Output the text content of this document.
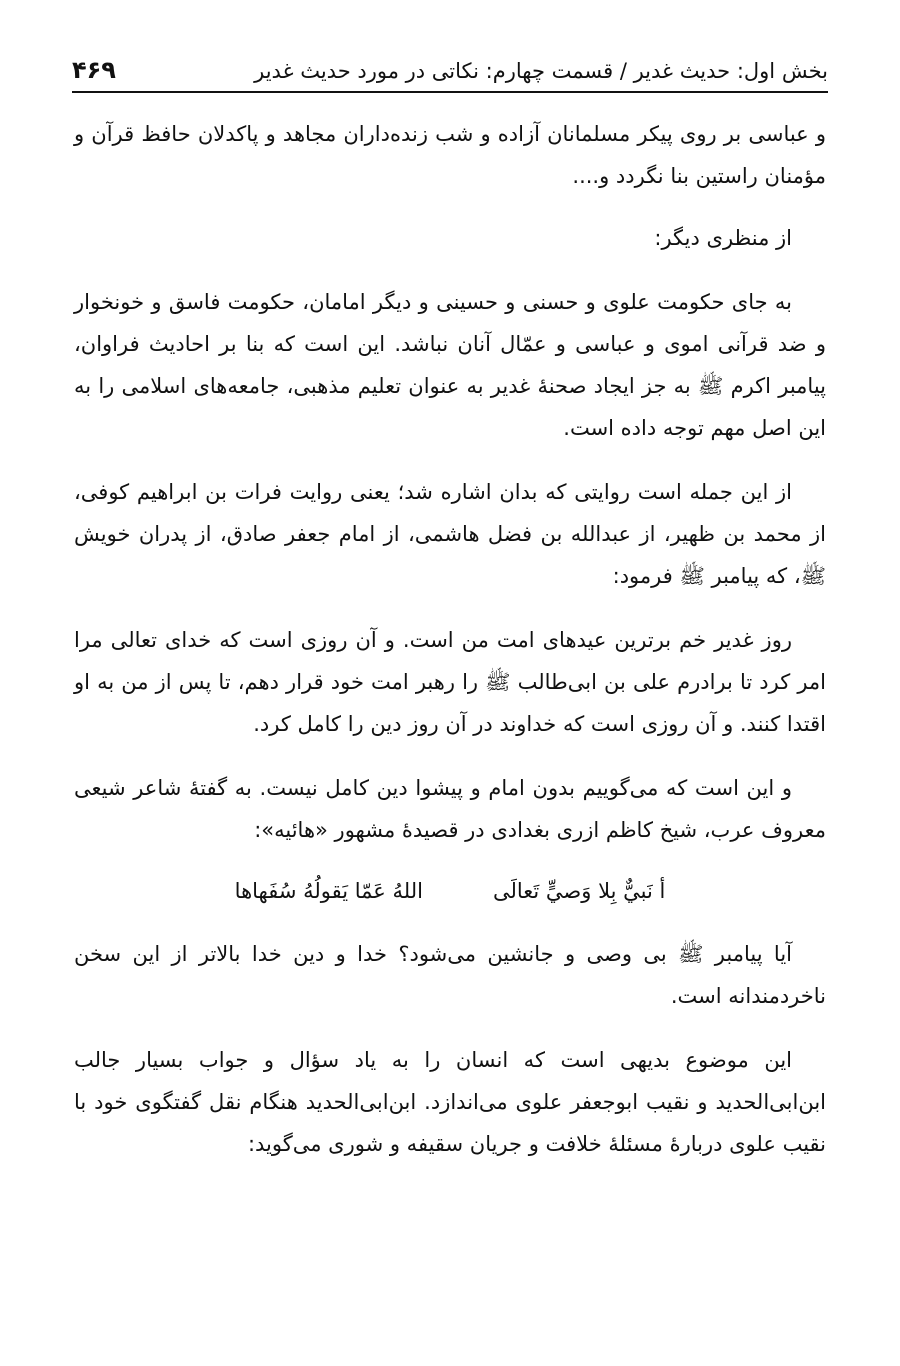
بخش اول: حدیث غدیر / قسمت چهارم: نکاتی در مورد حدیث غدیر
۴۶۹

و عباسی بر روی پیکر مسلمانان آزاده و شب زنده‌داران مجاهد و پاکدلان حافظ قرآن و مؤمنان راستین بنا نگردد و....

از منظری دیگر:

به جای حکومت علوی و حسنی و حسینی و دیگر امامان، حکومت فاسق و خونخوار و ضد قرآنی اموی و عباسی و عمّال آنان نباشد. این است که بنا بر احادیث فراوان، پیامبر اکرم ﷺ به جز ایجاد صحنهٔ غدیر به عنوان تعلیم مذهبی، جامعه‌های اسلامی را به این اصل مهم توجه داده است.

از این جمله است روایتی که بدان اشاره شد؛ یعنی روایت فرات بن ابراهیم کوفی، از محمد بن ظهیر، از عبدالله بن فضل هاشمی، از امام جعفر صادق، از پدران خویش ﷺ، که پیامبر ﷺ فرمود:

روز غدیر خم برترین عیدهای امت من است. و آن روزی است که خدای تعالی مرا امر کرد تا برادرم علی بن ابی‌طالب ﷺ را رهبر امت خود قرار دهم، تا پس از من به او اقتدا کنند. و آن روزی است که خداوند در آن روز دین را کامل کرد.

و این است که می‌گوییم بدون امام و پیشوا دین کامل نیست. به گفتهٔ شاعر شیعی معروف عرب، شیخ کاظم ازری بغدادی در قصیدهٔ مشهور «هائیه»:

أ نَبيٌّ بِلا وَصيٍّ تَعالَی
اللهُ عَمّا يَقولُهُ سُفَهاها

آیا پیامبر ﷺ بی وصی و جانشین می‌شود؟ خدا و دین خدا بالاتر از این سخن ناخردمندانه است.

این موضوع بدیهی است که انسان را به یاد سؤال و جواب بسیار جالب ابن‌ابی‌الحدید و نقیب ابوجعفر علوی می‌اندازد. ابن‌ابی‌الحدید هنگام نقل گفتگوی خود با نقیب علوی دربارهٔ مسئلهٔ خلافت و جریان سقیفه و شوری می‌گوید:
